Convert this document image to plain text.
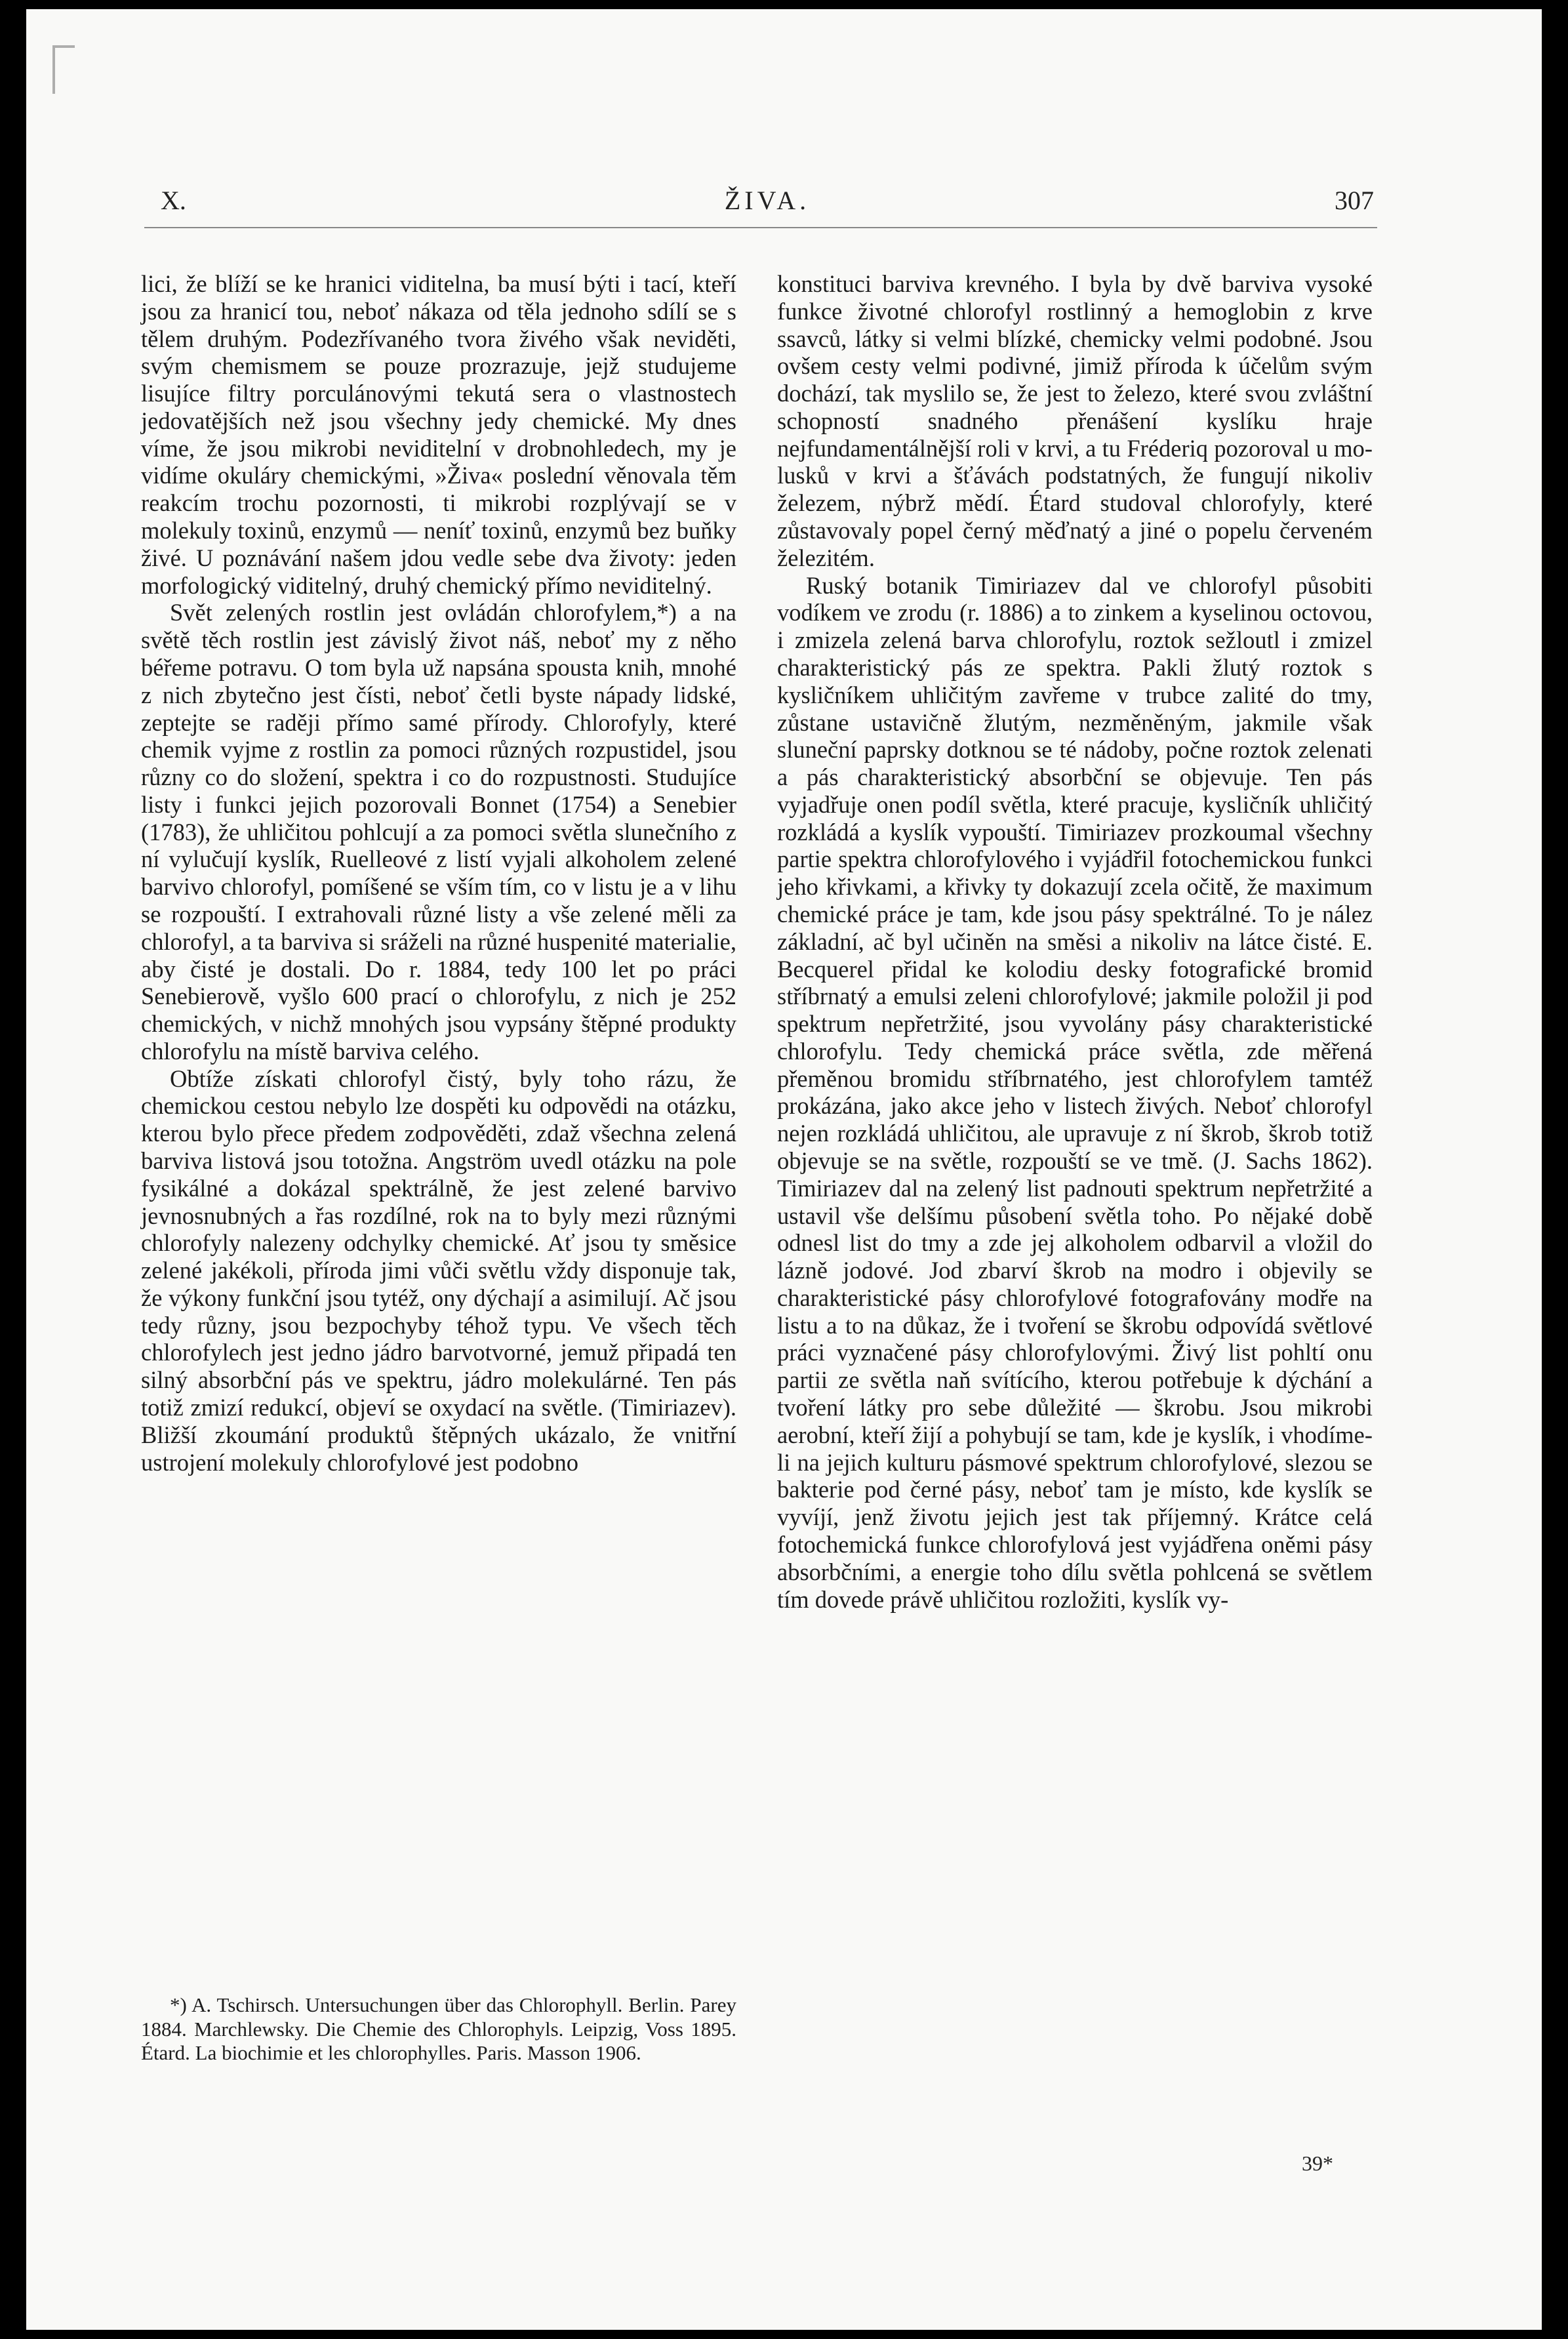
X.	ŽIVA.	307

lici, že blíží se ke hranici viditelna, ba musí býti i tací, kteří jsou za hranicí tou, neboť nákaza od těla jednoho sdílí se s tělem druhým. Podezřívaného tvora živého však neviděti, svým chemismem se pouze prozrazuje, jejž studujeme lisujíce filtry porculánovými tekutá sera o vlastnostech jedovatějších než jsou všechny jedy chemické. My dnes víme, že jsou mikrobi neviditelní v drobnohledech, my je vidíme okuláry chemickými, »Živa« poslední věnovala těm reakcím trochu pozornosti, ti mikrobi rozplývají se v molekuly toxinů, enzymů — neníť toxinů, enzymů bez buňky živé. U poznávání našem jdou vedle sebe dva životy: jeden morfologický viditelný, druhý chemický přímo neviditelný.

Svět zelených rostlin jest ovládán chlorofylem,*) a na světě těch rostlin jest závislý život náš, neboť my z něho béřeme potravu. O tom byla už napsána spousta knih, mnohé z nich zbytečno jest čísti, neboť četli byste nápady lidské, zeptejte se raději přímo samé přírody. Chlorofyly, které chemik vyjme z rostlin za pomoci různých rozpustidel, jsou různy co do složení, spektra i co do rozpustnosti. Studujíce listy i funkci jejich pozorovali Bonnet (1754) a Senebier (1783), že uhličitou pohlcují a za pomoci světla slunečního z ní vylučují kyslík, Ruelleové z listí vyjali alkoholem zelené barvivo chlorofyl, pomíšené se vším tím, co v listu je a v lihu se rozpouští. I extrahovali různé listy a vše zelené měli za chlorofyl, a ta barviva si sráželi na různé huspenité materialie, aby čisté je dostali. Do r. 1884, tedy 100 let po práci Senebierově, vyšlo 600 prací o chlorofylu, z nich je 252 chemických, v nichž mnohých jsou vypsány štěpné produkty chlorofylu na místě barviva celého.

Obtíže získati chlorofyl čistý, byly toho rázu, že chemickou cestou nebylo lze dospěti ku odpovědi na otázku, kterou bylo přece předem zodpověděti, zdaž všechna zelená barviva listová jsou totožna. Angström uvedl otázku na pole fysikálné a dokázal spektrálně, že jest zelené barvivo jevnosnubných a řas rozdílné, rok na to byly mezi různými chlorofyly nalezeny odchylky chemické. Ať jsou ty směsice zelené jakékoli, příroda jimi vůči světlu vždy disponuje tak, že výkony funkční jsou tytéž, ony dýchají a asimilují. Ač jsou tedy různy, jsou bezpochyby téhož typu. Ve všech těch chlorofylech jest jedno jádro barvotvorné, jemuž připadá ten silný absorbční pás ve spektru, jádro molekulárné. Ten pás totiž zmizí redukcí, objeví se oxydací na světle. (Timiriazev). Bližší zkoumání produktů štěpných ukázalo, že vnitřní ustrojení molekuly chlorofylové jest podobno

konstituci barviva krevného. I byla by dvě barviva vysoké funkce životné chlorofyl rostlinný a hemoglobin z krve ssavců, látky si velmi blízké, chemicky velmi podobné. Jsou ovšem cesty velmi podivné, jimiž příroda k účelům svým dochází, tak myslilo se, že jest to železo, které svou zvláštní schopností snadného přenášení kyslíku hraje nejfundamentálnější roli v krvi, a tu Fréderiq pozoroval u mo-lusků v krvi a šťávách podstatných, že fungují nikoliv železem, nýbrž mědí. Étard studoval chlorofyly, které zůstavovaly popel černý měďnatý a jiné o popelu červeném železitém.

Ruský botanik Timiriazev dal ve chlorofyl působiti vodíkem ve zrodu (r. 1886) a to zinkem a kyselinou octovou, i zmizela zelená barva chlorofylu, roztok sežloutl i zmizel charakteristický pás ze spektra. Pakli žlutý roztok s kysličníkem uhličitým zavřeme v trubce zalité do tmy, zůstane ustavičně žlutým, nezměněným, jakmile však sluneční paprsky dotknou se té nádoby, počne roztok zelenati a pás charakteristický absorbční se objevuje. Ten pás vyjadřuje onen podíl světla, které pracuje, kysličník uhličitý rozkládá a kyslík vypouští. Timiriazev prozkoumal všechny partie spektra chlorofylového i vyjádřil fotochemickou funkci jeho křivkami, a křivky ty dokazují zcela očitě, že maximum chemické práce je tam, kde jsou pásy spektrálné. To je nález základní, ač byl učiněn na směsi a nikoliv na látce čisté. E. Becquerel přidal ke kolodiu desky fotografické bromid stříbrnatý a emulsi zeleni chlorofylové; jakmile položil ji pod spektrum nepřetržité, jsou vyvolány pásy charakteristické chlorofylu. Tedy chemická práce světla, zde měřená přeměnou bromidu stříbrnatého, jest chlorofylem tamtéž prokázána, jako akce jeho v listech živých. Neboť chlorofyl nejen rozkládá uhličitou, ale upravuje z ní škrob, škrob totiž objevuje se na světle, rozpouští se ve tmě. (J. Sachs 1862). Timiriazev dal na zelený list padnouti spektrum nepřetržité a ustavil vše delšímu působení světla toho. Po nějaké době odnesl list do tmy a zde jej alkoholem odbarvil a vložil do lázně jodové. Jod zbarví škrob na modro i objevily se charakteristické pásy chlorofylové fotografovány modře na listu a to na důkaz, že i tvoření se škrobu odpovídá světlové práci vyznačené pásy chlorofylovými. Živý list pohltí onu partii ze světla naň svítícího, kterou potřebuje k dýchání a tvoření látky pro sebe důležité — škrobu. Jsou mikrobi aerobní, kteří žijí a pohybují se tam, kde je kyslík, i vhodíme-li na jejich kulturu pásmové spektrum chlorofylové, slezou se bakterie pod černé pásy, neboť tam je místo, kde kyslík se vyvíjí, jenž životu jejich jest tak příjemný. Krátce celá fotochemická funkce chlorofylová jest vyjádřena oněmi pásy absorbčními, a energie toho dílu světla pohlcená se světlem tím dovede právě uhličitou rozložiti, kyslík vy-

*) A. Tschirsch. Untersuchungen über das Chlorophyll. Berlin. Parey 1884. Marchlewsky. Die Chemie des Chlorophyls. Leipzig, Voss 1895. Étard. La biochimie et les chlorophylles. Paris. Masson 1906.

39*
